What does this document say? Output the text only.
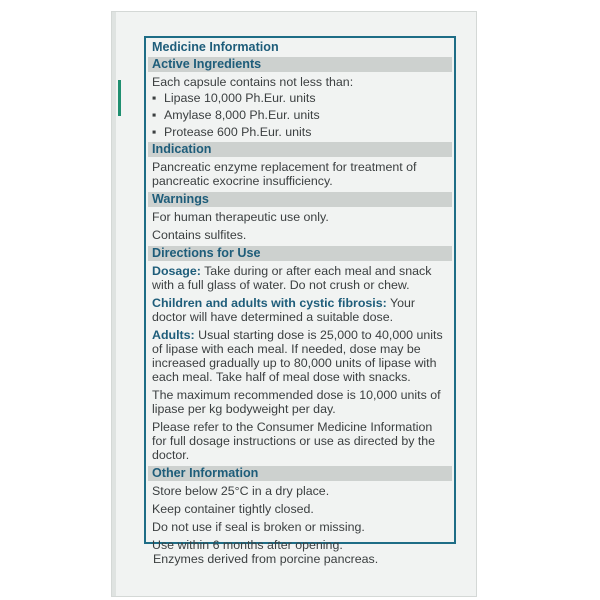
Medicine Information
Active Ingredients
Each capsule contains not less than:
▪ Lipase 10,000 Ph.Eur. units
▪ Amylase 8,000 Ph.Eur. units
▪ Protease 600 Ph.Eur. units
Indication
Pancreatic enzyme replacement for treatment of pancreatic exocrine insufficiency.
Warnings
For human therapeutic use only.
Contains sulfites.
Directions for Use
Dosage: Take during or after each meal and snack with a full glass of water. Do not crush or chew.
Children and adults with cystic fibrosis: Your doctor will have determined a suitable dose.
Adults: Usual starting dose is 25,000 to 40,000 units of lipase with each meal. If needed, dose may be increased gradually up to 80,000 units of lipase with each meal. Take half of meal dose with snacks.
The maximum recommended dose is 10,000 units of lipase per kg bodyweight per day.
Please refer to the Consumer Medicine Information for full dosage instructions or use as directed by the doctor.
Other Information
Store below 25°C in a dry place.
Keep container tightly closed.
Do not use if seal is broken or missing.
Use within 6 months after opening.
Enzymes derived from porcine pancreas.
